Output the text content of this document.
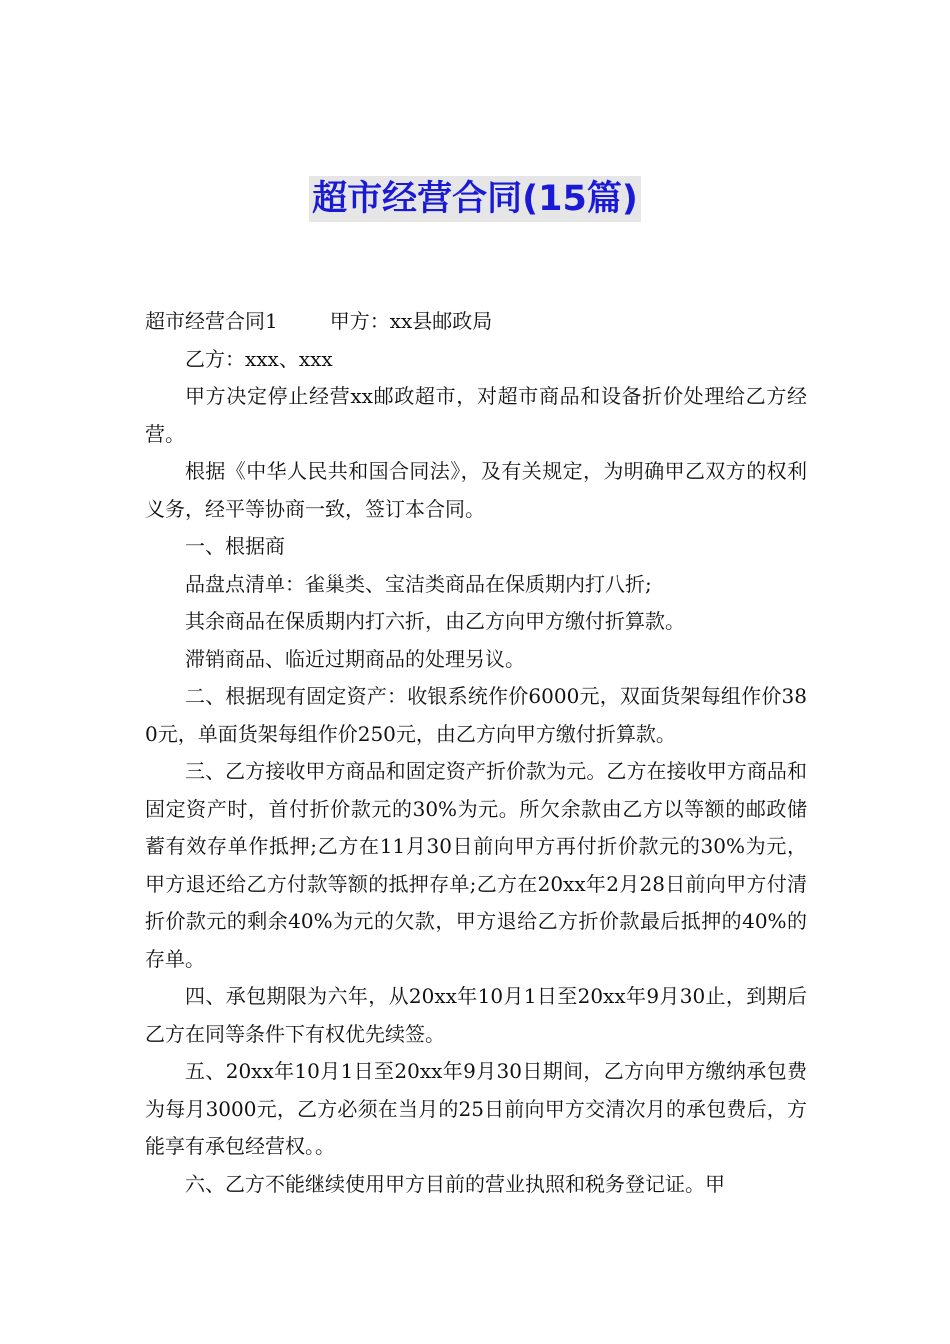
超市经营合同(15篇)

超市经营合同1	甲方：xx县邮政局

乙方：xxx、xxx

甲方决定停止经营xx邮政超市，对超市商品和设备折价处理给乙方经营。

根据《中华人民共和国合同法》，及有关规定，为明确甲乙双方的权利义务，经平等协商一致，签订本合同。

一、根据商

品盘点清单：雀巢类、宝洁类商品在保质期内打八折;

其余商品在保质期内打六折，由乙方向甲方缴付折算款。

滞销商品、临近过期商品的处理另议。

二、根据现有固定资产：收银系统作价6000元，双面货架每组作价380元，单面货架每组作价250元，由乙方向甲方缴付折算款。

三、乙方接收甲方商品和固定资产折价款为元。乙方在接收甲方商品和固定资产时，首付折价款元的30%为元。所欠余款由乙方以等额的邮政储蓄有效存单作抵押;乙方在11月30日前向甲方再付折价款元的30%为元，甲方退还给乙方付款等额的抵押存单;乙方在20xx年2月28日前向甲方付清折价款元的剩余40%为元的欠款，甲方退给乙方折价款最后抵押的40%的存单。

四、承包期限为六年，从20xx年10月1日至20xx年9月30止，到期后乙方在同等条件下有权优先续签。

五、20xx年10月1日至20xx年9月30日期间，乙方向甲方缴纳承包费为每月3000元，乙方必须在当月的25日前向甲方交清次月的承包费后，方能享有承包经营权。。

六、乙方不能继续使用甲方目前的营业执照和税务登记证。甲
